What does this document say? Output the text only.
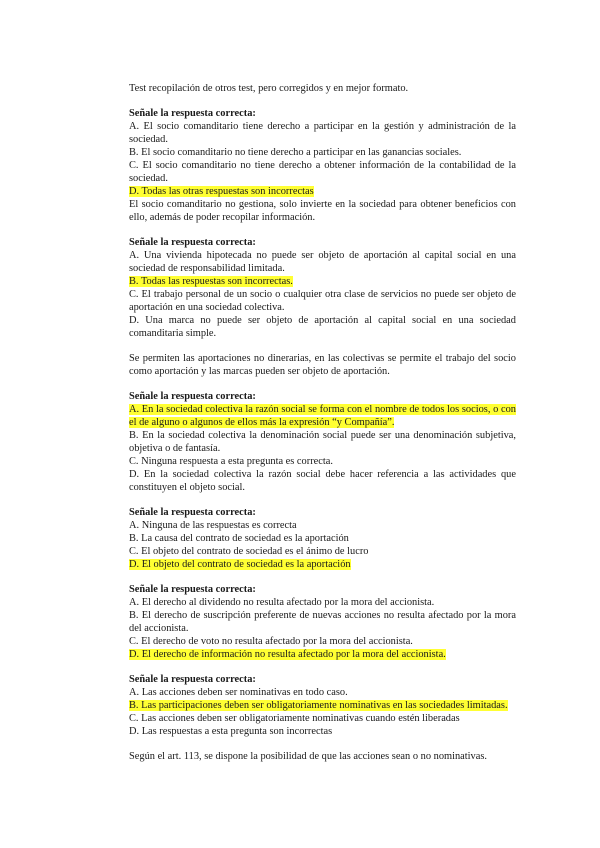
Test recopilación de otros test, pero corregidos y en mejor formato.

Señale la respuesta correcta:

A. El socio comanditario tiene derecho a participar en la gestión y administración de la sociedad.

B. El socio comanditario no tiene derecho a participar en las ganancias sociales.

C. El socio comanditario no tiene derecho a obtener información de la contabilidad de la sociedad.

D. Todas las otras respuestas son incorrectas

El socio comanditario no gestiona, solo invierte en la sociedad para obtener beneficios con ello, además de poder recopilar información.

Señale la respuesta correcta:

A. Una vivienda hipotecada no puede ser objeto de aportación al capital social en una sociedad de responsabilidad limitada.

B. Todas las respuestas son incorrectas.

C. El trabajo personal de un socio o cualquier otra clase de servicios no puede ser objeto de aportación en una sociedad colectiva.

D. Una marca no puede ser objeto de aportación al capital social en una sociedad comanditaria simple.

Se permiten las aportaciones no dinerarias, en las colectivas se permite el trabajo del socio como aportación y las marcas pueden ser objeto de aportación.

Señale la respuesta correcta:

A. En la sociedad colectiva la razón social se forma con el nombre de todos los socios, o con el de alguno o algunos de ellos más la expresión “y Compañía”.

B. En la sociedad colectiva la denominación social puede ser una denominación subjetiva, objetiva o de fantasía.

C. Ninguna respuesta a esta pregunta es correcta.

D. En la sociedad colectiva la razón social debe hacer referencia a las actividades que constituyen el objeto social.

Señale la respuesta correcta:

A. Ninguna de las respuestas es correcta

B. La causa del contrato de sociedad es la aportación

C. El objeto del contrato de sociedad es el ánimo de lucro

D. El objeto del contrato de sociedad es la aportación

Señale la respuesta correcta:

A. El derecho al dividendo no resulta afectado por la mora del accionista.

B. El derecho de suscripción preferente de nuevas acciones no resulta afectado por la mora del accionista.

C. El derecho de voto no resulta afectado por la mora del accionista.

D. El derecho de información no resulta afectado por la mora del accionista.

Señale la respuesta correcta:

A. Las acciones deben ser nominativas en todo caso.

B. Las participaciones deben ser obligatoriamente nominativas en las sociedades limitadas.

C. Las acciones deben ser obligatoriamente nominativas cuando estén liberadas

D. Las respuestas a esta pregunta son incorrectas

Según el art. 113, se dispone la posibilidad de que las acciones sean o no nominativas.
